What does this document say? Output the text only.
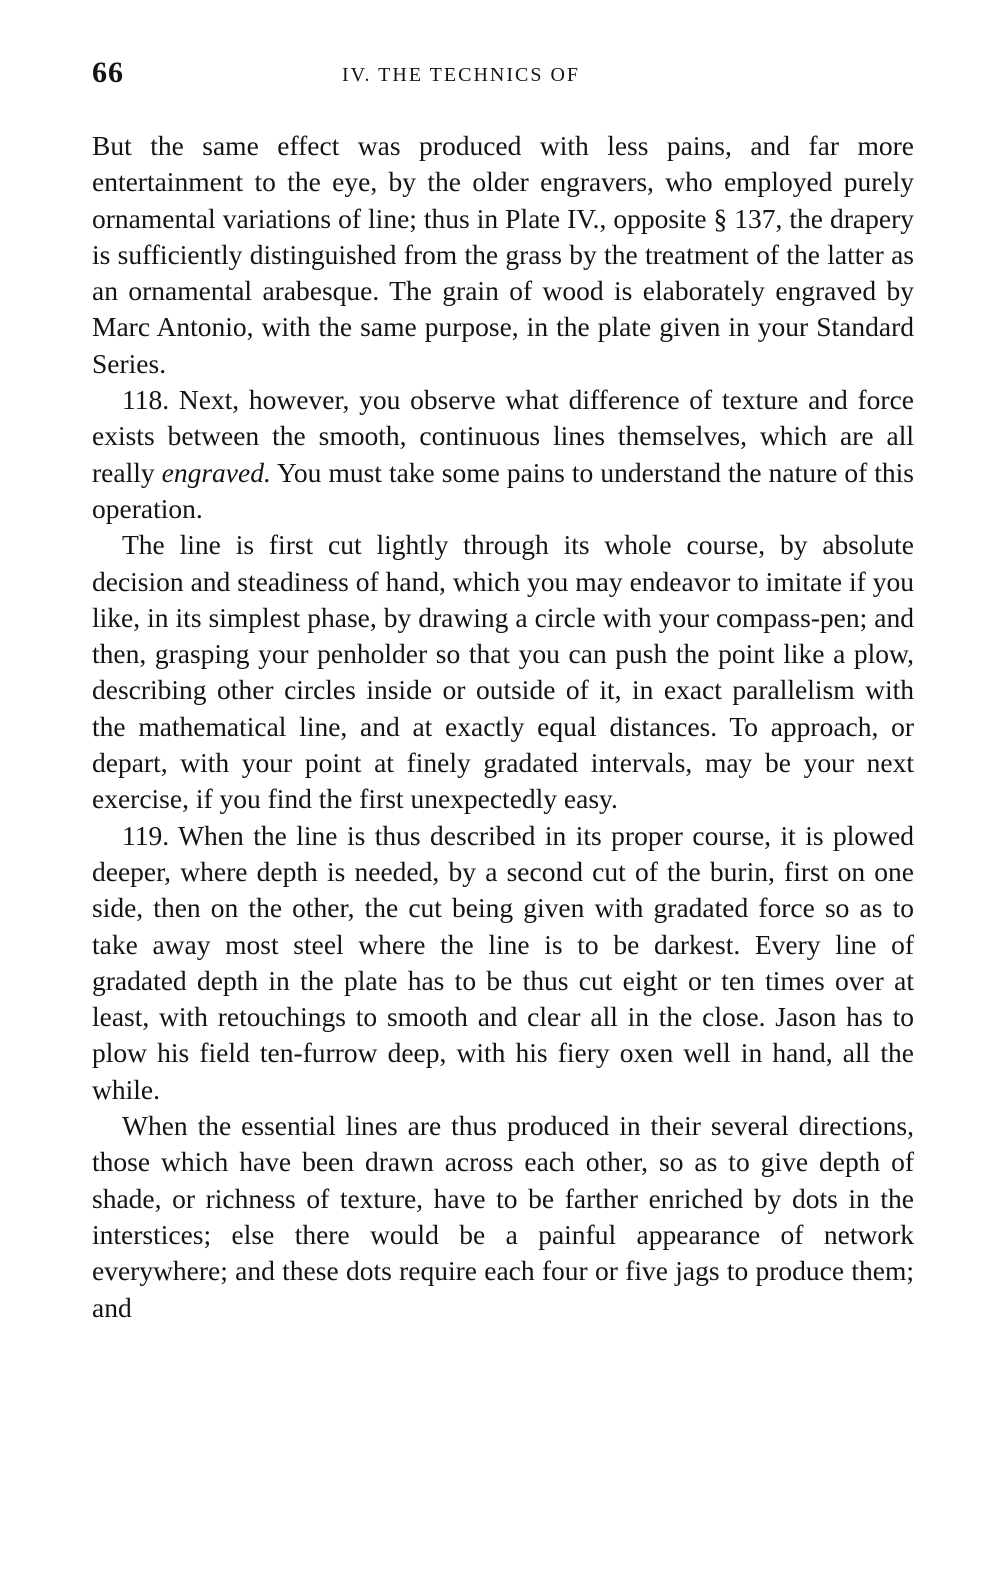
66	IV. THE TECHNICS OF

But the same effect was produced with less pains, and far more entertainment to the eye, by the older engravers, who employed purely ornamental variations of line; thus in Plate IV., opposite § 137, the drapery is sufficiently distinguished from the grass by the treatment of the latter as an ornamental arabesque. The grain of wood is elaborately engraved by Marc Antonio, with the same purpose, in the plate given in your Standard Series.

118. Next, however, you observe what difference of texture and force exists between the smooth, continuous lines themselves, which are all really engraved. You must take some pains to understand the nature of this operation.

The line is first cut lightly through its whole course, by absolute decision and steadiness of hand, which you may endeavor to imitate if you like, in its simplest phase, by drawing a circle with your compass-pen; and then, grasping your penholder so that you can push the point like a plow, describing other circles inside or outside of it, in exact parallelism with the mathematical line, and at exactly equal distances. To approach, or depart, with your point at finely gradated intervals, may be your next exercise, if you find the first unexpectedly easy.

119. When the line is thus described in its proper course, it is plowed deeper, where depth is needed, by a second cut of the burin, first on one side, then on the other, the cut being given with gradated force so as to take away most steel where the line is to be darkest. Every line of gradated depth in the plate has to be thus cut eight or ten times over at least, with retouchings to smooth and clear all in the close. Jason has to plow his field ten-furrow deep, with his fiery oxen well in hand, all the while.

When the essential lines are thus produced in their several directions, those which have been drawn across each other, so as to give depth of shade, or richness of texture, have to be farther enriched by dots in the interstices; else there would be a painful appearance of network everywhere; and these dots require each four or five jags to produce them; and
